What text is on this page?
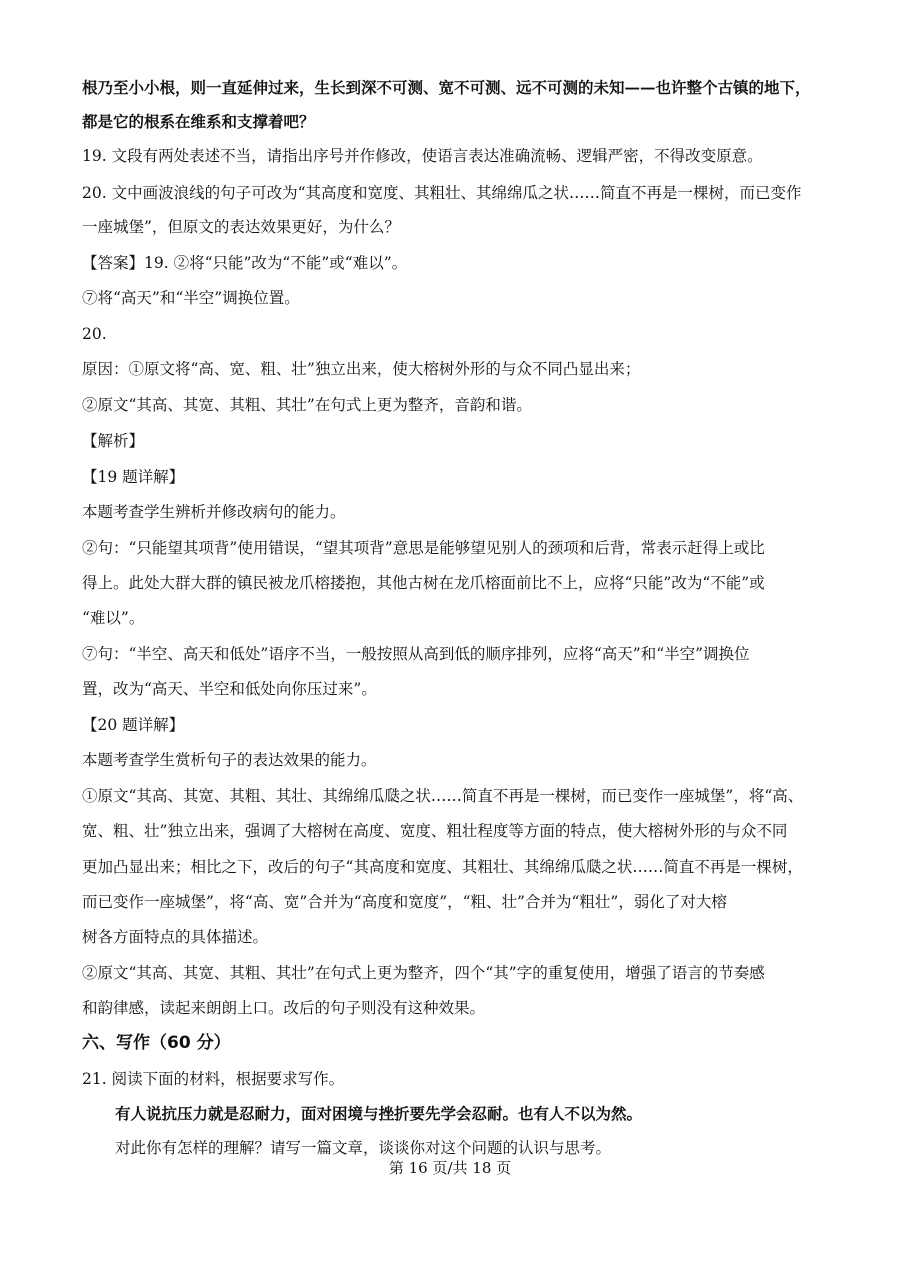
根乃至小小根，则一直延伸过来，生长到深不可测、宽不可测、远不可测的未知——也许整个古镇的地下，
都是它的根系在维系和支撑着吧？
19. 文段有两处表述不当，请指出序号并作修改，使语言表达准确流畅、逻辑严密，不得改变原意。
20. 文中画波浪线的句子可改为“其高度和宽度、其粗壮、其绵绵瓜之状……简直不再是一棵树，而已变作
一座城堡”，但原文的表达效果更好，为什么？
【答案】19. ②将“只能”改为“不能”或“难以”。
⑦将“高天”和“半空”调换位置。
20.
原因：①原文将“高、宽、粗、壮”独立出来，使大榕树外形的与众不同凸显出来；
②原文“其高、其宽、其粗、其壮”在句式上更为整齐，音韵和谐。
【解析】
【19 题详解】
本题考查学生辨析并修改病句的能力。
②句：“只能望其项背”使用错误，“望其项背”意思是能够望见别人的颈项和后背，常表示赶得上或比
得上。此处大群大群的镇民被龙爪榕搂抱，其他古树在龙爪榕面前比不上，应将“只能”改为“不能”或
“难以”。
⑦句：“半空、高天和低处”语序不当，一般按照从高到低的顺序排列，应将“高天”和“半空”调换位
置，改为“高天、半空和低处向你压过来”。
【20 题详解】
本题考查学生赏析句子的表达效果的能力。
①原文“其高、其宽、其粗、其壮、其绵绵瓜瓞之状……简直不再是一棵树，而已变作一座城堡”，将“高、
宽、粗、壮”独立出来，强调了大榕树在高度、宽度、粗壮程度等方面的特点，使大榕树外形的与众不同
更加凸显出来；相比之下，改后的句子“其高度和宽度、其粗壮、其绵绵瓜瓞之状……简直不再是一棵树，
而已变作一座城堡”，将“高、宽”合并为“高度和宽度”，“粗、壮”合并为“粗壮”，弱化了对大榕
树各方面特点的具体描述。
②原文“其高、其宽、其粗、其壮”在句式上更为整齐，四个“其”字的重复使用，增强了语言的节奏感
和韵律感，读起来朗朗上口。改后的句子则没有这种效果。
六、写作（60 分）
21. 阅读下面的材料，根据要求写作。
有人说抗压力就是忍耐力，面对困境与挫折要先学会忍耐。也有人不以为然。
对此你有怎样的理解？请写一篇文章，谈谈你对这个问题的认识与思考。
第 16 页/共 18 页
